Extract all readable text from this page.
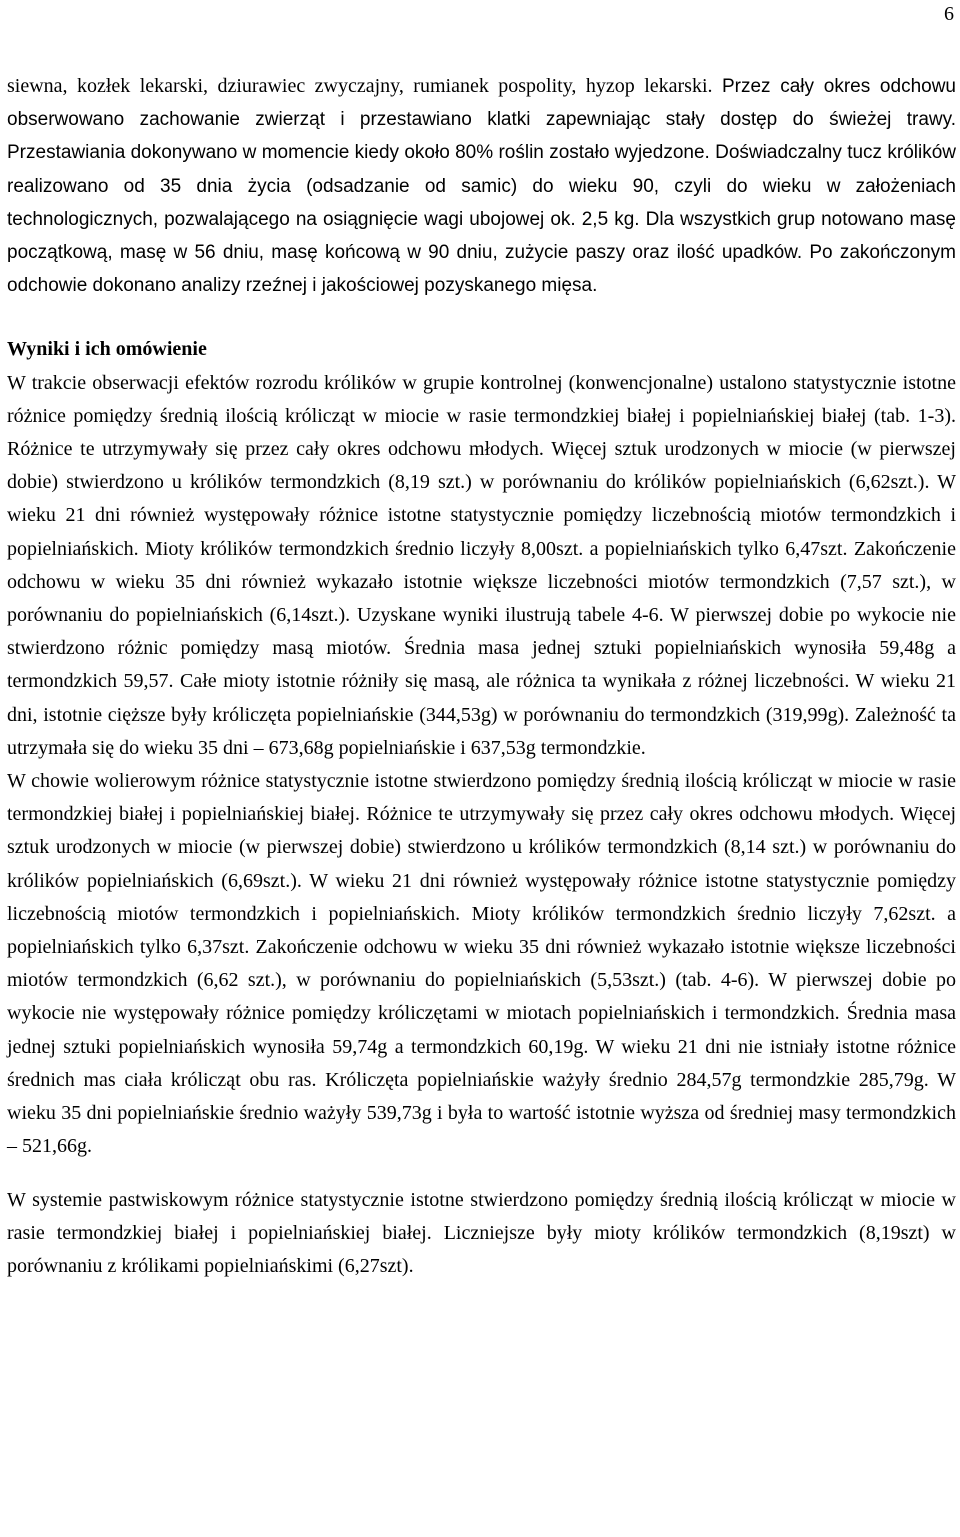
6

siewna, kozłek lekarski, dziurawiec zwyczajny, rumianek pospolity, hyzop lekarski. Przez cały okres odchowu obserwowano zachowanie zwierząt i przestawiano klatki zapewniając stały dostęp do świeżej trawy. Przestawiania dokonywano w momencie kiedy około 80% roślin zostało wyjedzone. Doświadczalny tucz królików realizowano od 35 dnia życia (odsadzanie od samic) do wieku 90, czyli do wieku w założeniach technologicznych, pozwalającego na osiągnięcie wagi ubojowej ok. 2,5 kg. Dla wszystkich grup notowano masę początkową, masę w 56 dniu, masę końcową w 90 dniu, zużycie paszy oraz ilość upadków. Po zakończonym odchowie dokonano analizy rzeźnej i jakościowej pozyskanego mięsa.

Wyniki i ich omówienie

W trakcie obserwacji efektów rozrodu królików w grupie kontrolnej (konwencjonalne) ustalono statystycznie istotne różnice pomiędzy średnią ilością królicząt w miocie w rasie termondzkiej białej i popielniańskiej białej (tab. 1-3). Różnice te utrzymywały się przez cały okres odchowu młodych. Więcej sztuk urodzonych w miocie (w pierwszej dobie) stwierdzono u królików termondzkich (8,19 szt.) w porównaniu do królików popielniańskich (6,62szt.). W wieku 21 dni również występowały różnice istotne statystycznie pomiędzy liczebnością miotów termondzkich i popielniańskich. Mioty królików termondzkich średnio liczyły 8,00szt. a popielniańskich tylko 6,47szt. Zakończenie odchowu w wieku 35 dni również wykazało istotnie większe liczebności miotów termondzkich (7,57 szt.), w porównaniu do popielniańskich (6,14szt.). Uzyskane wyniki ilustrują tabele 4-6. W pierwszej dobie po wykocie nie stwierdzono różnic pomiędzy masą miotów. Średnia masa jednej sztuki popielniańskich wynosiła 59,48g a termondzkich 59,57. Całe mioty istotnie różniły się masą, ale różnica ta wynikała z różnej liczebności. W wieku 21 dni, istotnie cięższe były króliczęta popielniańskie (344,53g) w porównaniu do termondzkich (319,99g). Zależność ta utrzymała się do wieku 35 dni – 673,68g popielniańskie i 637,53g termondzkie.

W chowie wolierowym różnice statystycznie istotne stwierdzono pomiędzy średnią ilością królicząt w miocie w rasie termondzkiej białej i popielniańskiej białej. Różnice te utrzymywały się przez cały okres odchowu młodych. Więcej sztuk urodzonych w miocie (w pierwszej dobie) stwierdzono u królików termondzkich (8,14 szt.) w porównaniu do królików popielniańskich (6,69szt.). W wieku 21 dni również występowały różnice istotne statystycznie pomiędzy liczebnością miotów termondzkich i popielniańskich. Mioty królików termondzkich średnio liczyły 7,62szt. a popielniańskich tylko 6,37szt. Zakończenie odchowu w wieku 35 dni również wykazało istotnie większe liczebności miotów termondzkich (6,62 szt.), w porównaniu do popielniańskich (5,53szt.) (tab. 4-6). W pierwszej dobie po wykocie nie występowały różnice pomiędzy króliczętami w miotach popielniańskich i termondzkich. Średnia masa jednej sztuki popielniańskich wynosiła 59,74g a termondzkich 60,19g. W wieku 21 dni nie istniały istotne różnice średnich mas ciała królicząt obu ras. Króliczęta popielniańskie ważyły średnio 284,57g termondzkie 285,79g. W wieku 35 dni popielniańskie średnio ważyły 539,73g i była to wartość istotnie wyższa od średniej masy termondzkich – 521,66g.

W systemie pastwiskowym różnice statystycznie istotne stwierdzono pomiędzy średnią ilością królicząt w miocie w rasie termondzkiej białej i popielniańskiej białej. Liczniejsze były mioty królików termondzkich (8,19szt) w porównaniu z królikami popielniańskimi (6,27szt).
